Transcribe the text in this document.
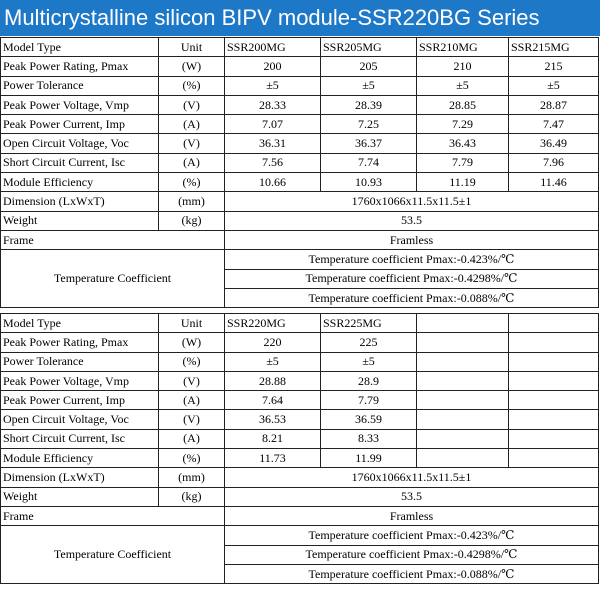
Multicrystalline silicon BIPV module-SSR220BG Series
Model Type	Unit	SSR200MG	SSR205MG	SSR210MG	SSR215MG
Peak Power Rating, Pmax	(W)	200	205	210	215
Power Tolerance	(%)	±5	±5	±5	±5
Peak Power Voltage, Vmp	(V)	28.33	28.39	28.85	28.87
Peak Power Current, Imp	(A)	7.07	7.25	7.29	7.47
Open Circuit Voltage, Voc	(V)	36.31	36.37	36.43	36.49
Short Circuit Current, Isc	(A)	7.56	7.74	7.79	7.96
Module Efficiency	(%)	10.66	10.93	11.19	11.46
Dimension (LxWxT)	(mm)	1760x1066x11.5x11.5±1			
Weight	(kg)	53.5			
Frame		Framless			
Temperature Coefficient		Temperature coefficient Pmax:-0.423%/℃			
		Temperature coefficient Pmax:-0.4298%/℃			
		Temperature coefficient Pmax:-0.088%/℃			
Model Type	Unit	SSR220MG	SSR225MG		
Peak Power Rating, Pmax	(W)	220	225		
Power Tolerance	(%)	±5	±5		
Peak Power Voltage, Vmp	(V)	28.88	28.9		
Peak Power Current, Imp	(A)	7.64	7.79		
Open Circuit Voltage, Voc	(V)	36.53	36.59		
Short Circuit Current, Isc	(A)	8.21	8.33		
Module Efficiency	(%)	11.73	11.99		
Dimension (LxWxT)	(mm)	1760x1066x11.5x11.5±1			
Weight	(kg)	53.5			
Frame		Framless			
Temperature Coefficient		Temperature coefficient Pmax:-0.423%/℃			
		Temperature coefficient Pmax:-0.4298%/℃			
		Temperature coefficient Pmax:-0.088%/℃			
